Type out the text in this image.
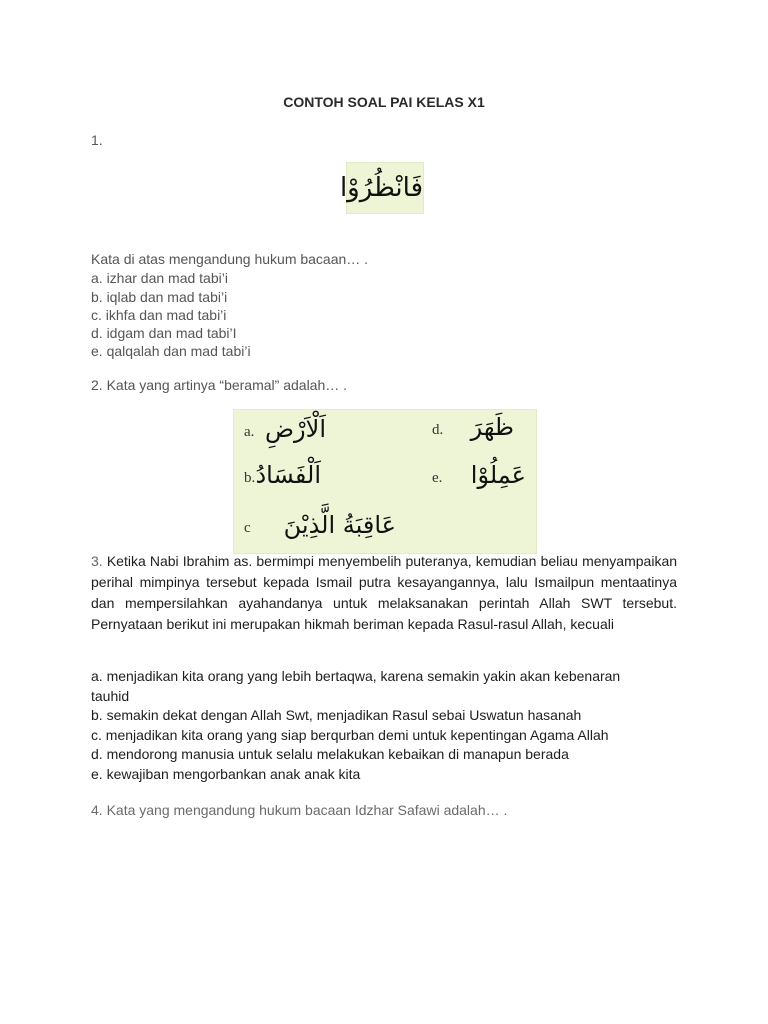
CONTOH SOAL PAI KELAS X1
1.
فَانْظُرُوْا
Kata di atas mengandung hukum bacaan… .
a. izhar dan mad tabi’i
b. iqlab dan mad tabi’i
c. ikhfa dan mad tabi’i
d. idgam dan mad tabi’I
e. qalqalah dan mad tabi’i
2. Kata yang artinya “beramal” adalah… .
a. اَلْاَرْضِ
b. اَلْفَسَادُ
c عَاقِبَةُ الَّذِيْنَ
d. ظَهَرَ
e. عَمِلُوْا
3. Ketika Nabi Ibrahim as. bermimpi menyembelih puteranya, kemudian beliau menyampaikan perihal mimpinya tersebut kepada Ismail putra kesayangannya, lalu Ismailpun mentaatinya dan mempersilahkan ayahandanya untuk melaksanakan perintah Allah SWT tersebut. Pernyataan berikut ini merupakan hikmah beriman kepada Rasul-rasul Allah, kecuali
a. menjadikan kita orang yang lebih bertaqwa, karena semakin yakin akan kebenaran
tauhid
b. semakin dekat dengan Allah Swt, menjadikan Rasul sebai Uswatun hasanah
c. menjadikan kita orang yang siap berqurban demi untuk kepentingan Agama Allah
d. mendorong manusia untuk selalu melakukan kebaikan di manapun berada
e. kewajiban mengorbankan anak anak kita
4. Kata yang mengandung hukum bacaan Idzhar Safawi adalah… .
